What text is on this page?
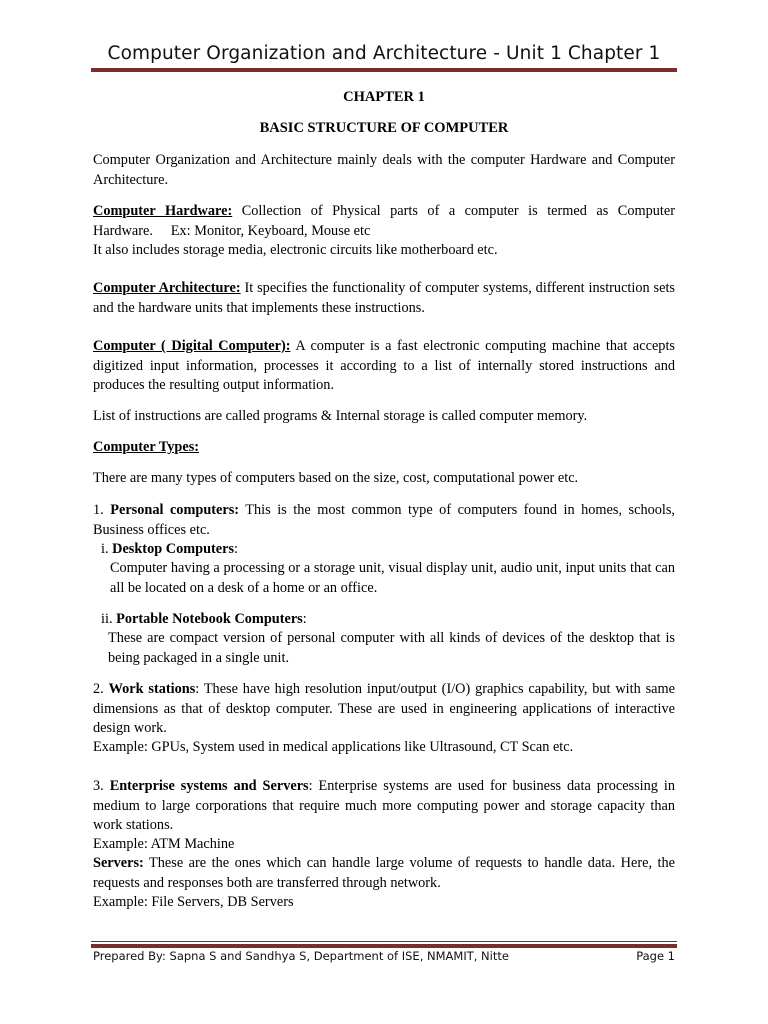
Computer Organization and Architecture - Unit 1 Chapter 1
CHAPTER 1
BASIC STRUCTURE OF COMPUTER
Computer Organization and Architecture mainly deals with the computer Hardware and Computer Architecture.
Computer Hardware: Collection of Physical parts of a computer is termed as Computer
Hardware.     Ex: Monitor, Keyboard, Mouse etc
It also includes storage media, electronic circuits like motherboard etc.
Computer Architecture: It specifies the functionality of computer systems, different instruction sets and the hardware units that implements these instructions.
Computer ( Digital Computer): A computer is a fast electronic computing machine that accepts digitized input information, processes it according to a list of internally stored instructions and produces the resulting output information.
List of instructions are called programs & Internal storage is called computer memory.
Computer Types:
There are many types of computers based on the size, cost, computational power etc.
1. Personal computers: This is the most common type of computers found in homes, schools, Business offices etc.
i. Desktop Computers:
Computer having a processing or a storage unit, visual display unit, audio unit, input units that can all be located on a desk of a home or an office.
ii. Portable Notebook Computers:
These are compact version of personal computer with all kinds of devices of the desktop that is being packaged in a single unit.
2. Work stations: These have high resolution input/output (I/O) graphics capability, but with same dimensions as that of desktop computer. These are used in engineering applications of interactive design work.
Example: GPUs, System used in medical applications like Ultrasound, CT Scan etc.
3. Enterprise systems and Servers: Enterprise systems are used for business data processing in medium to large corporations that require much more computing power and storage capacity than work stations.
Example: ATM Machine
Servers: These are the ones which can handle large volume of requests to handle data. Here, the requests and responses both are transferred through network.
Example: File Servers, DB Servers
Prepared By: Sapna S and Sandhya S, Department of ISE, NMAMIT, Nitte	Page 1
